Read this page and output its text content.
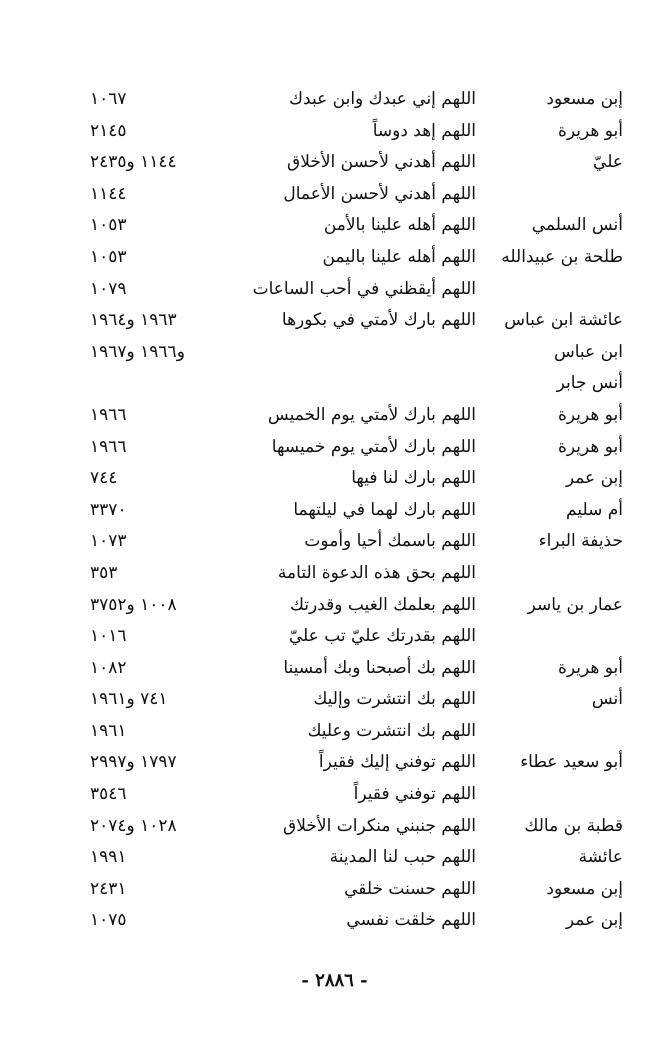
إبن مسعود
اللهم إني عبدك وابن عبدك
١٠٦٧
أبو هريرة
اللهم إهد دوساً
٢١٤٥
عليّ
اللهم أهدني لأحسن الأخلاق
١١٤٤ و٢٤٣٥
اللهم أهدني لأحسن الأعمال
١١٤٤
أنس السلمي
اللهم أهله علينا بالأمن
١٠٥٣
طلحة بن عبيدالله
اللهم أهله علينا باليمن
١٠٥٣
اللهم أيقظني في أحب الساعات
١٠٧٩
عائشة ابن عباس
اللهم بارك لأمتي في بكورها
١٩٦٣ و١٩٦٤
ابن عباس
و١٩٦٦ و١٩٦٧
أنس جابر
أبو هريرة
اللهم بارك لأمتي يوم الخميس
١٩٦٦
أبو هريرة
اللهم بارك لأمتي يوم خميسها
١٩٦٦
إبن عمر
اللهم بارك لنا فيها
٧٤٤
أم سليم
اللهم بارك لهما في ليلتهما
٣٣٧٠
حذيفة البراء
اللهم باسمك أحيا وأموت
١٠٧٣
اللهم بحق هذه الدعوة التامة
٣٥٣
عمار بن ياسر
اللهم بعلمك الغيب وقدرتك
١٠٠٨ و٣٧٥٢
اللهم بقدرتك عليّ تب عليّ
١٠١٦
أبو هريرة
اللهم بك أصبحنا وبك أمسينا
١٠٨٢
أنس
اللهم بك انتشرت وإليك
٧٤١ و١٩٦١
اللهم بك انتشرت وعليك
١٩٦١
أبو سعيد عطاء
اللهم توفني إليك فقيراً
١٧٩٧ و٢٩٩٧
اللهم توفني فقيراً
٣٥٤٦
قطبة بن مالك
اللهم جنبني منكرات الأخلاق
١٠٢٨ و٢٠٧٤
عائشة
اللهم حبب لنا المدينة
١٩٩١
إبن مسعود
اللهم حسنت خلقي
٢٤٣١
إبن عمر
اللهم خلقت نفسي
١٠٧٥
- ٢٨٨٦ -
